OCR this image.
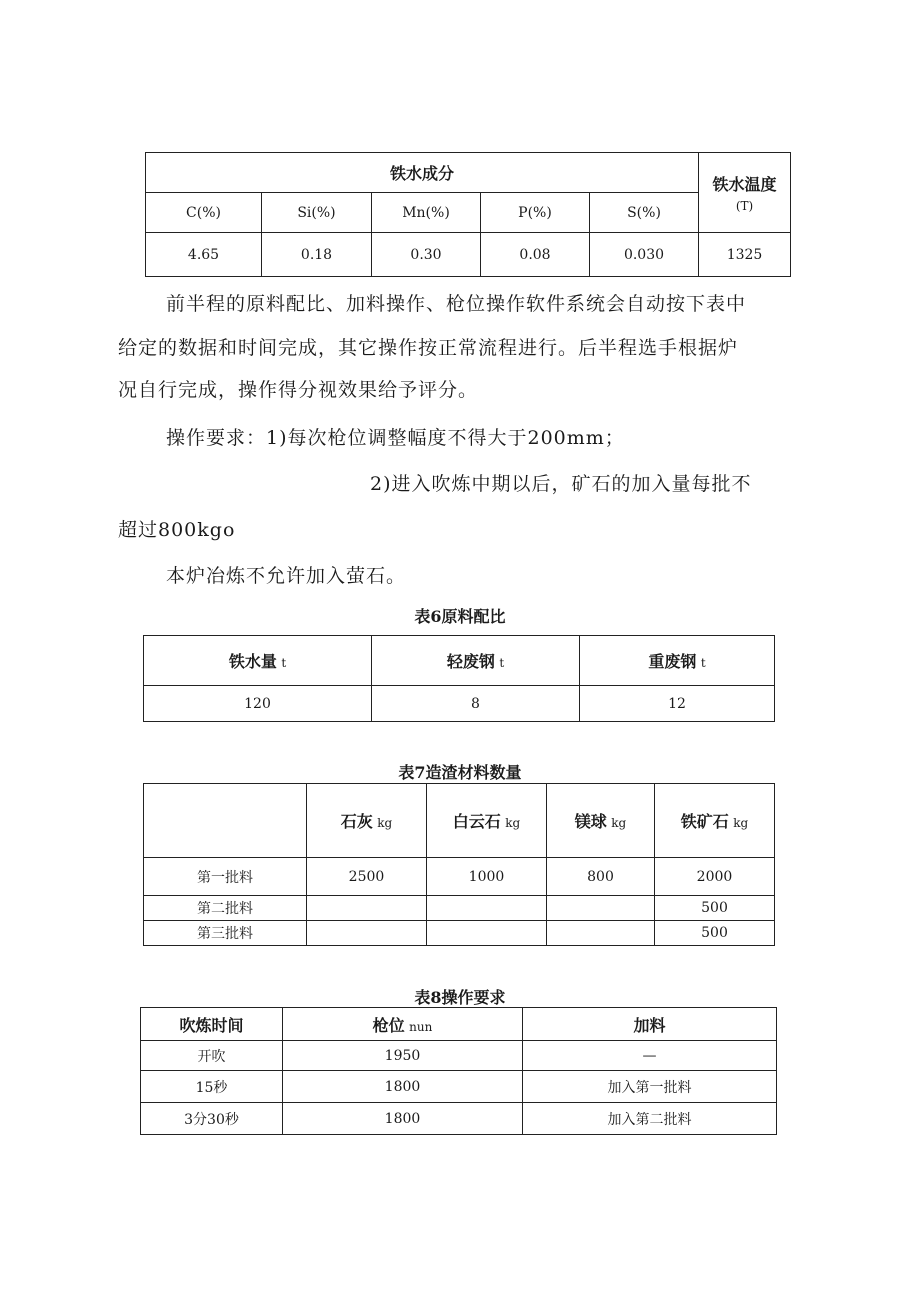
铁水成分					铁水温度
(T)

C(%)	Si(%)	Mn(%)	P(%)	S(%)	
4.65	0.18	0.30	0.08	0.030	1325
前半程的原料配比、加料操作、枪位操作软件系统会自动按下表中
给定的数据和时间完成，其它操作按正常流程进行。后半程选手根据炉
况自行完成，操作得分视效果给予评分。
操作要求：1)每次枪位调整幅度不得大于200mm；
2)进入吹炼中期以后，矿石的加入量每批不
超过800kgo
本炉冶炼不允许加入萤石。
表6原料配比
铁水量 t	轻废钢 t	重废钢 t
120	8	12
表7造渣材料数量
	石灰 kg	白云石 kg	镁球 kg	铁矿石 kg
第一批料	2500	1000	800	2000
第二批料				500
第三批料				500
表8操作要求
吹炼时间	枪位 nun	加料
开吹	1950	—
15秒	1800	加入第一批料
3分30秒	1800	加入第二批料
